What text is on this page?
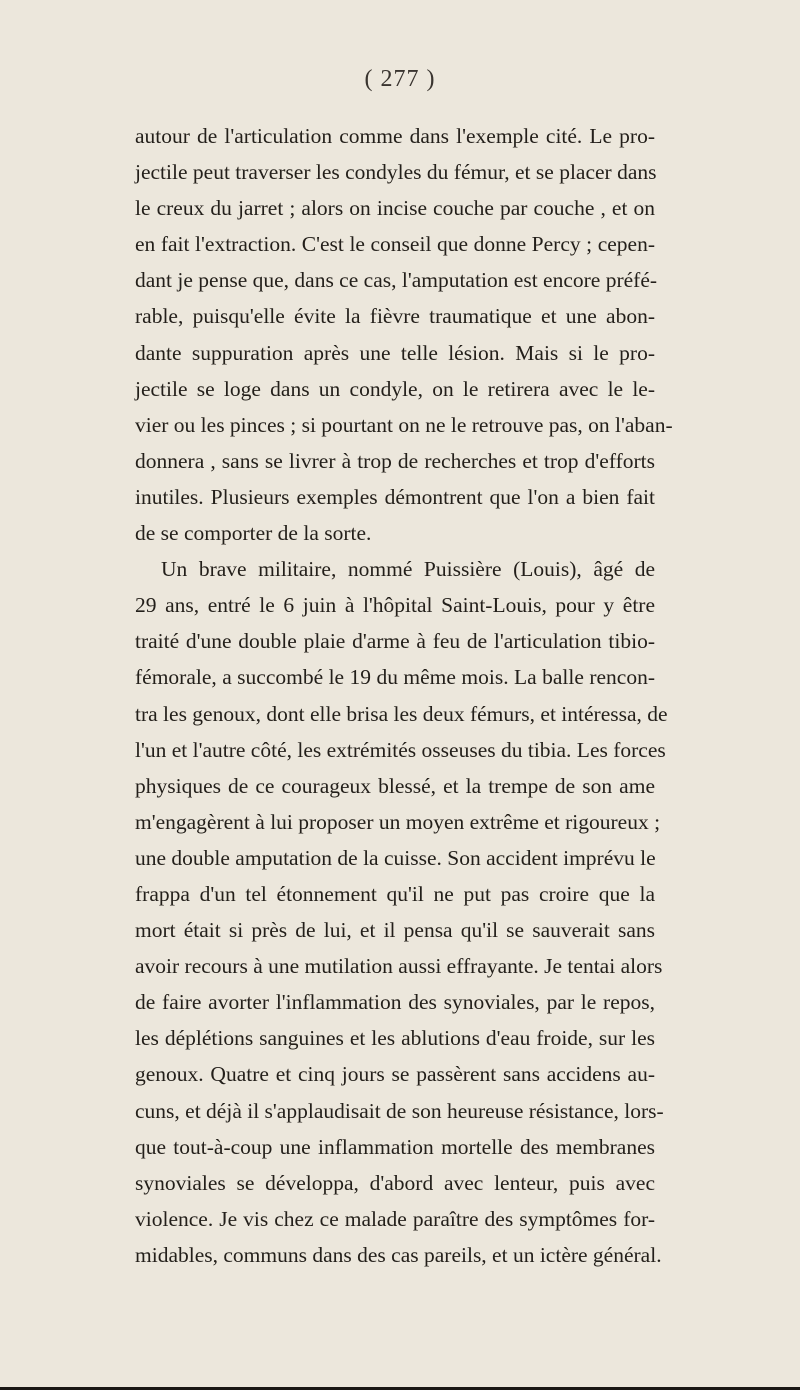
( 277 )
autour de l'articulation comme dans l'exemple cité. Le pro-
jectile peut traverser les condyles du fémur, et se placer dans
le creux du jarret ; alors on incise couche par couche , et on
en fait l'extraction. C'est le conseil que donne Percy ; cepen-
dant je pense que, dans ce cas, l'amputation est encore préfé-
rable, puisqu'elle évite la fièvre traumatique et une abon-
dante suppuration après une telle lésion. Mais si le pro-
jectile se loge dans un condyle, on le retirera avec le le-
vier ou les pinces ; si pourtant on ne le retrouve pas, on l'aban-
donnera , sans se livrer à trop de recherches et trop d'efforts
inutiles. Plusieurs exemples démontrent que l'on a bien fait
de se comporter de la sorte.
Un brave militaire, nommé Puissière (Louis), âgé de
29 ans, entré le 6 juin à l'hôpital Saint-Louis, pour y être
traité d'une double plaie d'arme à feu de l'articulation tibio-
fémorale, a succombé le 19 du même mois. La balle rencon-
tra les genoux, dont elle brisa les deux fémurs, et intéressa, de
l'un et l'autre côté, les extrémités osseuses du tibia. Les forces
physiques de ce courageux blessé, et la trempe de son ame
m'engagèrent à lui proposer un moyen extrême et rigoureux ;
une double amputation de la cuisse. Son accident imprévu le
frappa d'un tel étonnement qu'il ne put pas croire que la
mort était si près de lui, et il pensa qu'il se sauverait sans
avoir recours à une mutilation aussi effrayante. Je tentai alors
de faire avorter l'inflammation des synoviales, par le repos,
les déplétions sanguines et les ablutions d'eau froide, sur les
genoux. Quatre et cinq jours se passèrent sans accidens au-
cuns, et déjà il s'applaudisait de son heureuse résistance, lors-
que tout-à-coup une inflammation mortelle des membranes
synoviales se développa, d'abord avec lenteur, puis avec
violence. Je vis chez ce malade paraître des symptômes for-
midables, communs dans des cas pareils, et un ictère général.
